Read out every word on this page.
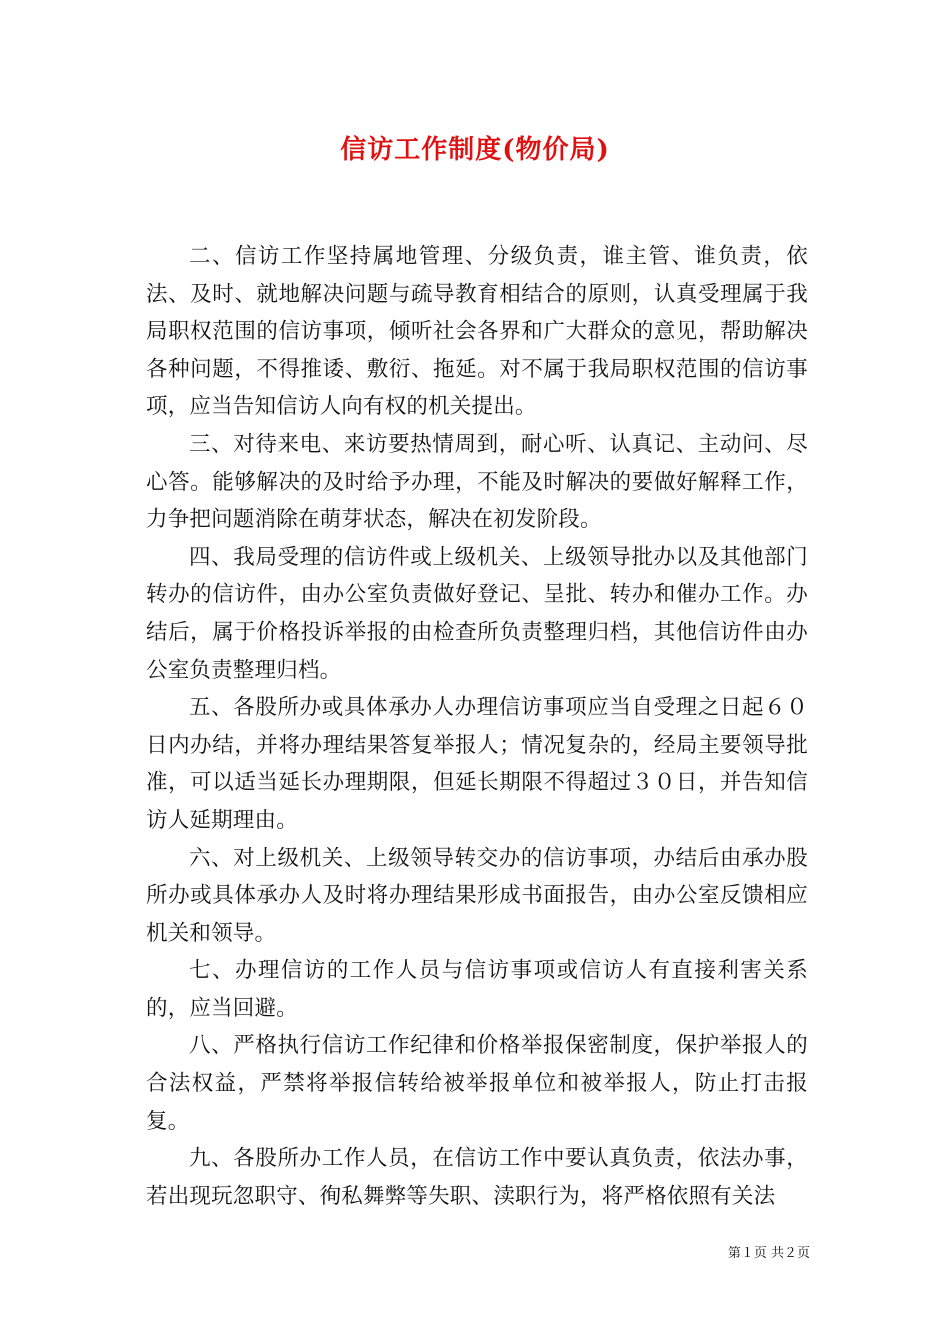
信访工作制度(物价局)

二、信访工作坚持属地管理、分级负责，谁主管、谁负责，依法、及时、就地解决问题与疏导教育相结合的原则，认真受理属于我局职权范围的信访事项，倾听社会各界和广大群众的意见，帮助解决各种问题，不得推诿、敷衍、拖延。对不属于我局职权范围的信访事项，应当告知信访人向有权的机关提出。

三、对待来电、来访要热情周到，耐心听、认真记、主动问、尽心答。能够解决的及时给予办理，不能及时解决的要做好解释工作，力争把问题消除在萌芽状态，解决在初发阶段。

四、我局受理的信访件或上级机关、上级领导批办以及其他部门转办的信访件，由办公室负责做好登记、呈批、转办和催办工作。办结后，属于价格投诉举报的由检查所负责整理归档，其他信访件由办公室负责整理归档。

五、各股所办或具体承办人办理信访事项应当自受理之日起６０日内办结，并将办理结果答复举报人；情况复杂的，经局主要领导批准，可以适当延长办理期限，但延长期限不得超过３０日，并告知信访人延期理由。

六、对上级机关、上级领导转交办的信访事项，办结后由承办股所办或具体承办人及时将办理结果形成书面报告，由办公室反馈相应机关和领导。

七、办理信访的工作人员与信访事项或信访人有直接利害关系的，应当回避。

八、严格执行信访工作纪律和价格举报保密制度，保护举报人的合法权益，严禁将举报信转给被举报单位和被举报人，防止打击报复。

九、各股所办工作人员，在信访工作中要认真负责，依法办事，若出现玩忽职守、徇私舞弊等失职、渎职行为，将严格依照有关法

第１页 共２页
